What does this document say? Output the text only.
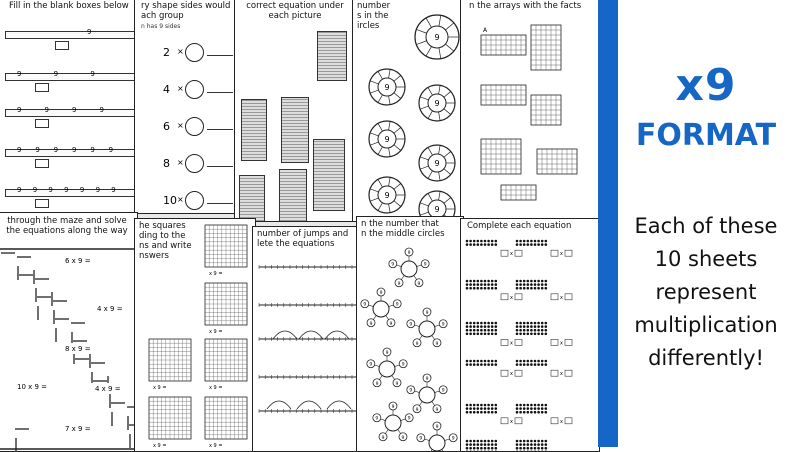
Fill in the blank boxes below
9
9	9	9
9	9	9	9
9 9 9 9 9 9
9 9 9 9 9 9 9
ry shape sides would
ach group
n has 9 sides
2 ×
4 ×
6 ×
8 ×
10 ×
correct equation under each picture
number
s in the
ircles
9
9
9
9
9
9
9
n the arrays with the facts
A
through the maze and solve the equations along the way
6 x 9 =
4 x 9 =
8 x 9 =
10 x 9 =	4 x 9 =
7 x 9 =
he squares
ding to the
ns and write
nswers
x 9 =
x 9 =
x 9 =
x 9 =
x 9 =
x 9 =
number of jumps and
lete the equations
n the number that
n the middle circles
9
9
9
9
9
9
9
9
9
9
9
9
9
9
9
9
9
9
9
9
9
9
9
9
9
9
9
9
9
9
9
9
9
Complete each equation
x	x
x	x
x	x
x	x
x	x
x9
FORMAT
Each of these
10 sheets
represent
multiplication
differently!
